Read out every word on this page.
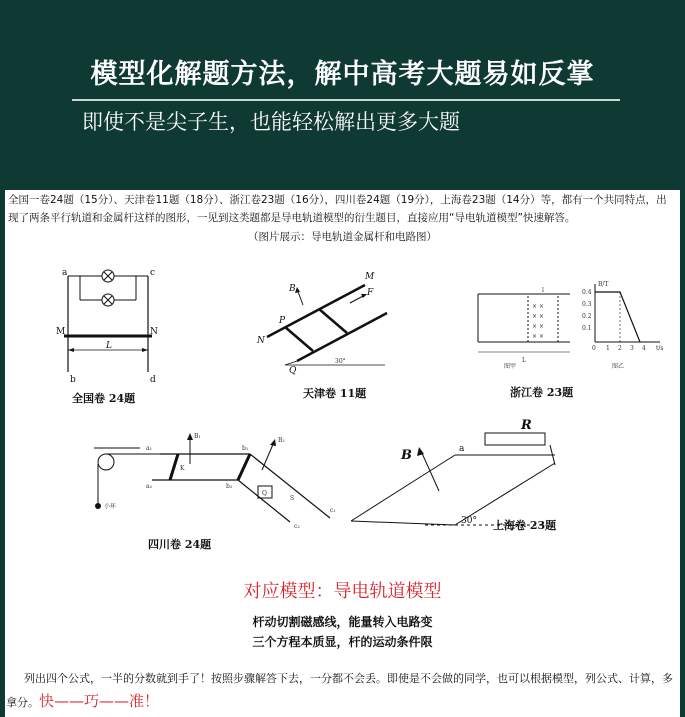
模型化解题方法，解中高考大题易如反掌
即使不是尖子生，也能轻松解出更多大题
全国一卷24题（15分）、天津卷11题（18分）、浙江卷23题（16分），四川卷24题（19分），上海卷23题（14分）等，都有一个共同特点，出现了两条平行轨道和金属杆这样的图形，一见到这类题都是导电轨道模型的衍生题目，直接应用“导电轨道模型”快速解答。
（图片展示：导电轨道金属杆和电路图）
a	c
M	N
L
b	d
全国卷 24题
M
B	F
N
P
Q
30°
天津卷 11题
× ×
× ×
× ×
× ×
L
l
B/T
0.4
0.3
0.2
0.1
0 1 2 3 4 t/s
图甲	图乙
浙江卷 23题
a₁
a₂
b₁
b₂
c₁
c₂
B₁
B₂
K
S
Q
小环
四川卷 24题
R
B	a
30° 上海卷 23题
对应模型：导电轨道模型
杆动切割磁感线，能量转入电路变
三个方程本质显，杆的运动条件限
列出四个公式，一半的分数就到手了！按照步骤解答下去，一分都不会丢。即使是不会做的同学，也可以根据模型，列公式、计算，多拿分。快——巧——准！
